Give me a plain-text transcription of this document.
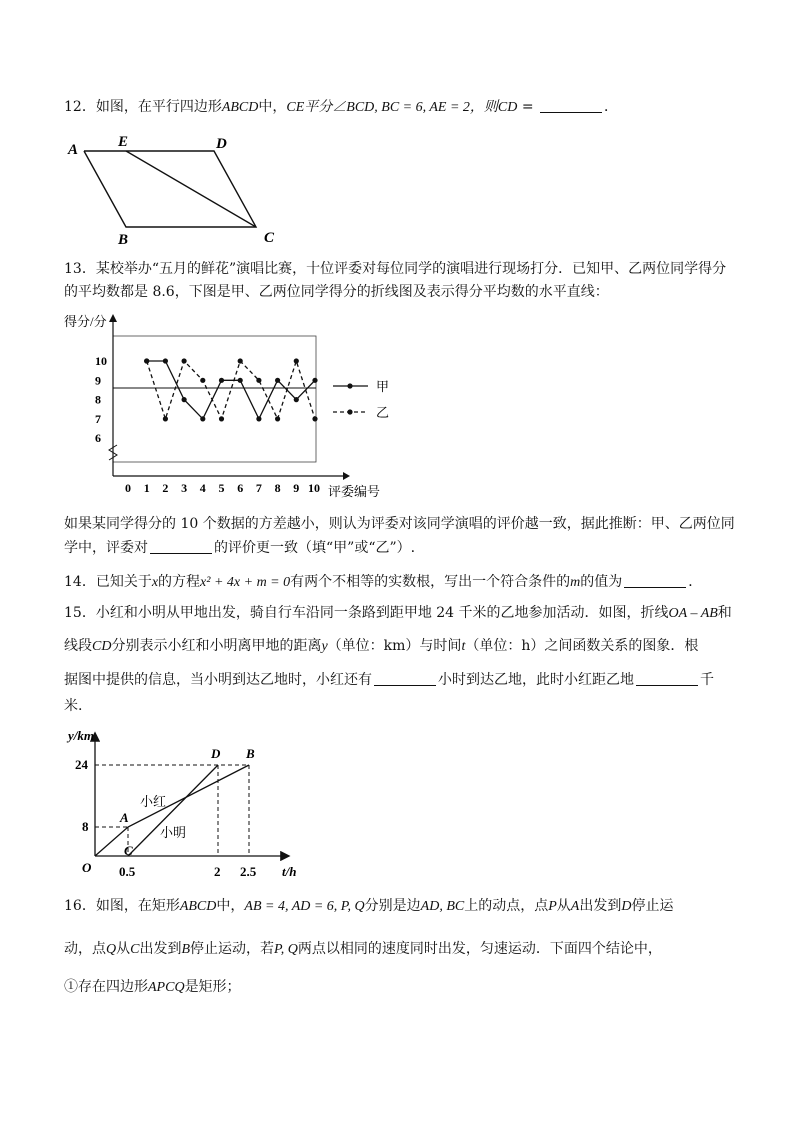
12．如图，在平行四边形ABCD中，CE平分∠BCD, BC = 6, AE = 2，则CD =	．
A	E	D
B	C
13．某校举办“五月的鲜花”演唱比赛，十位评委对每位同学的演唱进行现场打分．已知甲、乙两位同学得分
的平均数都是 8.6，下图是甲、乙两位同学得分的折线图及表示得分平均数的水平直线：
得分/分
评委编号
6
7
8
9
10
0 1 2 3 4 5 6 7 8 9 10
甲
乙
如果某同学得分的 10 个数据的方差越小，则认为评委对该同学演唱的评价越一致，据此推断：甲、乙两位同
学中，评委对	的评价更一致（填“甲”或“乙”）.
14．已知关于x的方程x² + 4x + m = 0有两个不相等的实数根，写出一个符合条件的m的值为	．
15．小红和小明从甲地出发，骑自行车沿同一条路到距甲地 24 千米的乙地参加活动．如图，折线OA – AB和
线段CD分别表示小红和小明离甲地的距离y（单位：km）与时间t（单位：h）之间函数关系的图象．根
据图中提供的信息，当小明到达乙地时，小红还有	小时到达乙地，此时小红距乙地	千
米.
y/km
t/h
O
24
8
0.5	2 2.5
A
B
C
D
小红
小明
16．如图，在矩形ABCD中，AB = 4, AD = 6, P, Q分别是边AD, BC上的动点，点P从A出发到D停止运
动，点Q从C出发到B停止运动，若P, Q两点以相同的速度同时出发，匀速运动．下面四个结论中，
①存在四边形APCQ是矩形；
